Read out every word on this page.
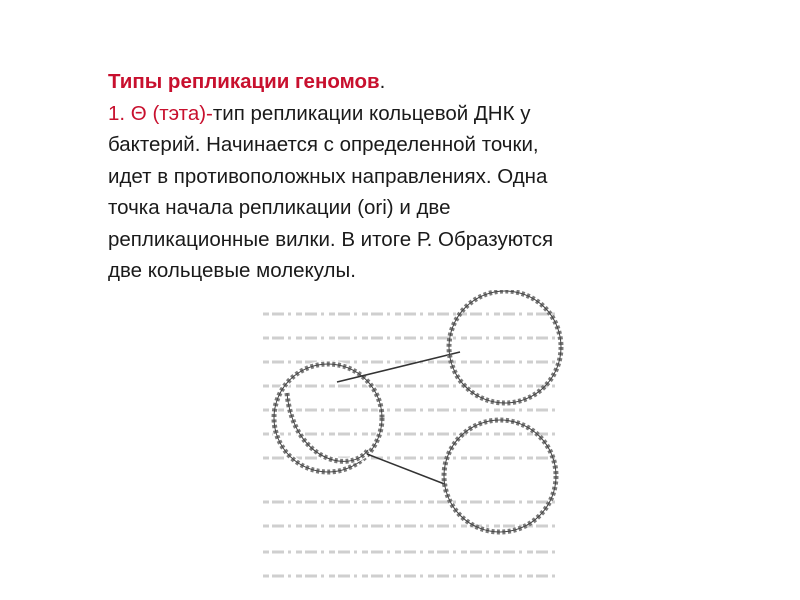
Типы репликации геномов.
1. Θ (тэта)-тип репликации кольцевой ДНК у
бактерий. Начинается с определенной точки,
идет в противоположных направлениях. Одна
точка начала репликации (ori) и две
репликационные вилки. В итоге Р. Образуются
две кольцевые молекулы.
